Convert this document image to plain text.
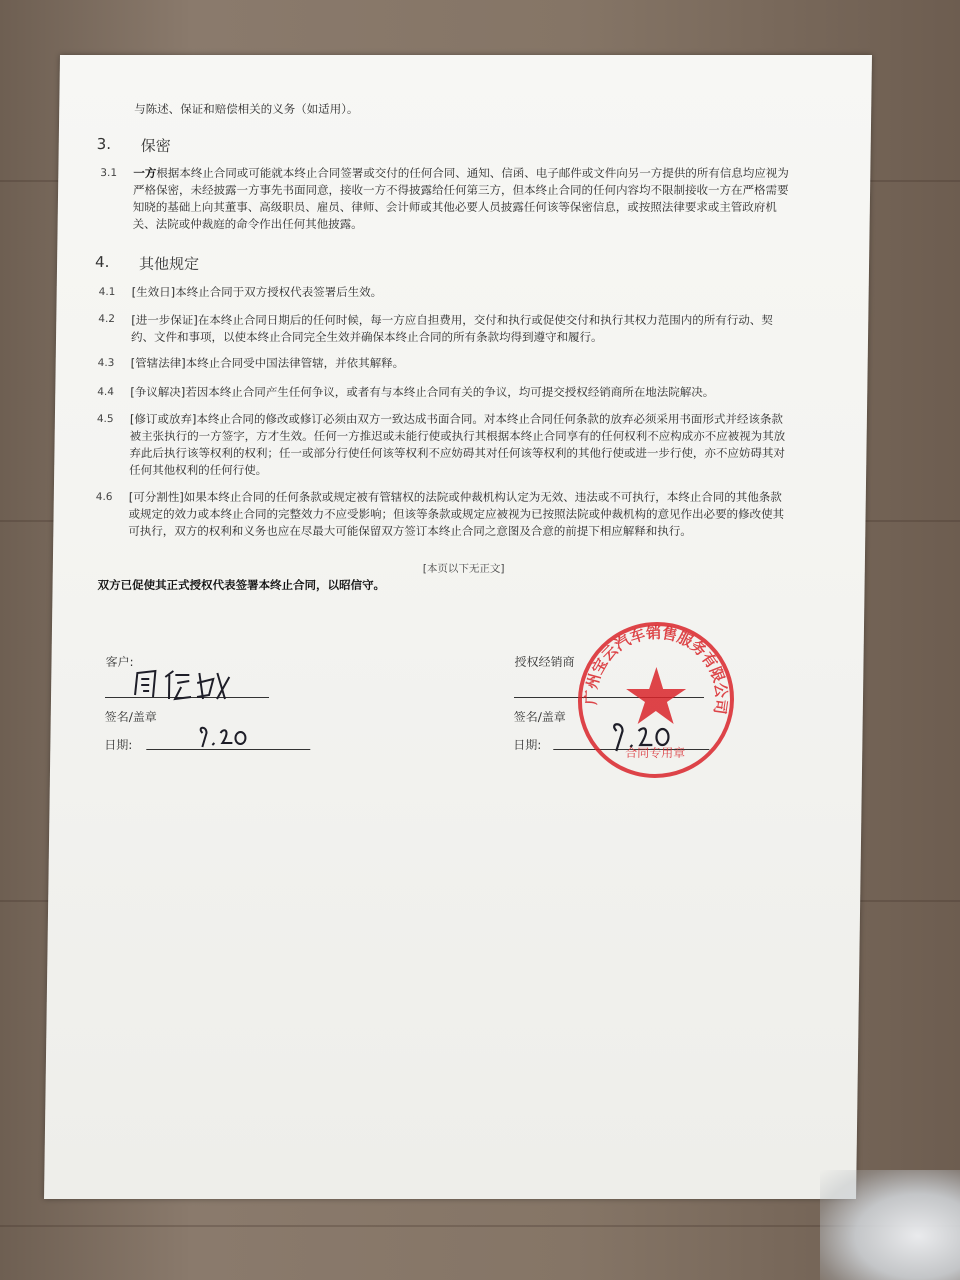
与陈述、保证和赔偿相关的义务（如适用）。
3. 保密
3.1 一方根据本终止合同或可能就本终止合同签署或交付的任何合同、通知、信函、电子邮件或文件向另一方提供的所有信息均应视为
严格保密，未经披露一方事先书面同意，接收一方不得披露给任何第三方，但本终止合同的任何内容均不限制接收一方在严格需要
知晓的基础上向其董事、高级职员、雇员、律师、会计师或其他必要人员披露任何该等保密信息，或按照法律要求或主管政府机
关、法院或仲裁庭的命令作出任何其他披露。
4. 其他规定
4.1 [生效日]本终止合同于双方授权代表签署后生效。
4.2 [进一步保证]在本终止合同日期后的任何时候，每一方应自担费用，交付和执行或促使交付和执行其权力范围内的所有行动、契
约、文件和事项，以使本终止合同完全生效并确保本终止合同的所有条款均得到遵守和履行。
4.3 [管辖法律]本终止合同受中国法律管辖，并依其解释。
4.4 [争议解决]若因本终止合同产生任何争议，或者有与本终止合同有关的争议，均可提交授权经销商所在地法院解决。
4.5 [修订或放弃]本终止合同的修改或修订必须由双方一致达成书面合同。对本终止合同任何条款的放弃必须采用书面形式并经该条款
被主张执行的一方签字，方才生效。任何一方推迟或未能行使或执行其根据本终止合同享有的任何权利不应构成亦不应被视为其放
弃此后执行该等权利的权利；任一或部分行使任何该等权利不应妨碍其对任何该等权利的其他行使或进一步行使，亦不应妨碍其对
任何其他权利的任何行使。
4.6 [可分割性]如果本终止合同的任何条款或规定被有管辖权的法院或仲裁机构认定为无效、违法或不可执行，本终止合同的其他条款
或规定的效力或本终止合同的完整效力不应受影响；但该等条款或规定应被视为已按照法院或仲裁机构的意见作出必要的修改使其
可执行，双方的权利和义务也应在尽最大可能保留双方签订本终止合同之意图及合意的前提下相应解释和执行。
[本页以下无正文]
双方已促使其正式授权代表签署本终止合同，以昭信守。
客户:
签名/盖章
日期:
授权经销商
签名/盖章
日期:
广州宝云汽车销售服务有限公司
合同专用章
